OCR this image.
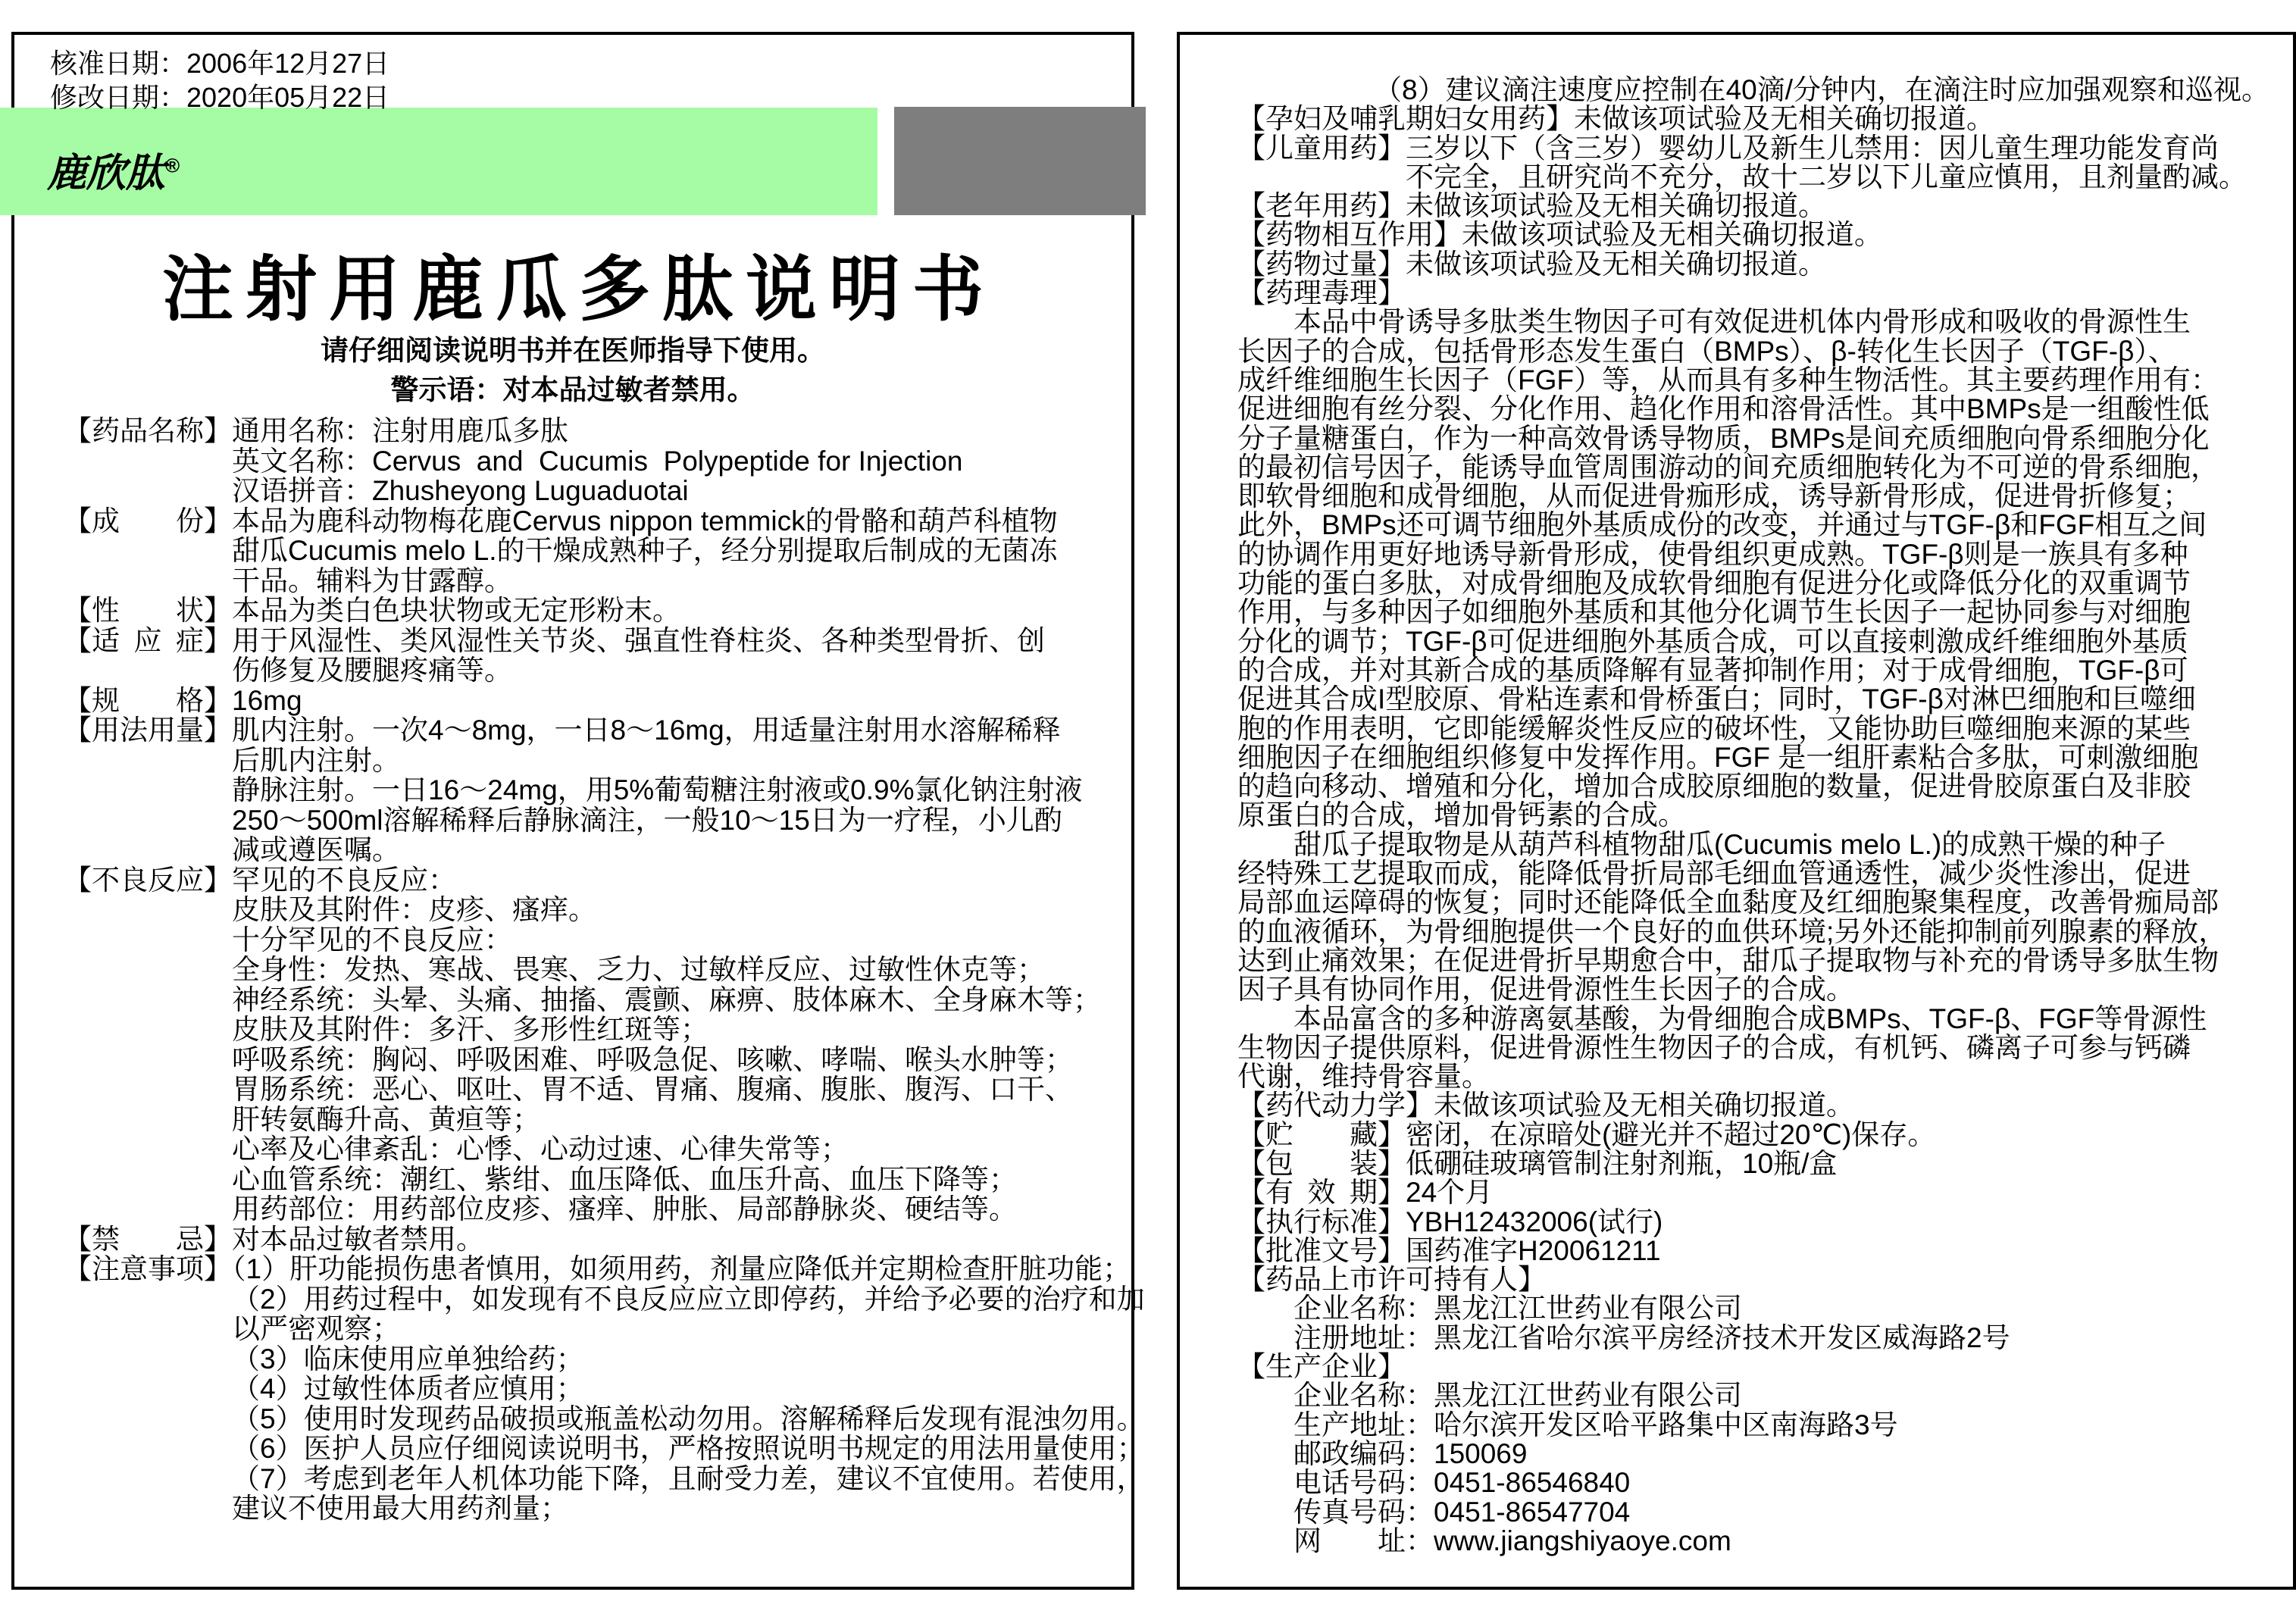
核准日期：2006年12月27日
修改日期：2020年05月22日
鹿欣肽®
注射用鹿瓜多肽说明书
请仔细阅读说明书并在医师指导下使用。
警示语：对本品过敏者禁用。
【药品名称】通用名称：注射用鹿瓜多肽
英文名称：Cervus  and  Cucumis  Polypeptide for Injection
汉语拼音：Zhusheyong Luguaduotai
【成　　份】本品为鹿科动物梅花鹿Cervus nippon temmick的骨骼和葫芦科植物
甜瓜Cucumis melo L.的干燥成熟种子，经分别提取后制成的无菌冻
干品。辅料为甘露醇。
【性　　状】本品为类白色块状物或无定形粉末。
【适 应 症】用于风湿性、类风湿性关节炎、强直性脊柱炎、各种类型骨折、创
伤修复及腰腿疼痛等。
【规　　格】16mg
【用法用量】肌内注射。一次4～8mg，一日8～16mg，用适量注射用水溶解稀释
后肌内注射。
静脉注射。一日16～24mg，用5%葡萄糖注射液或0.9%氯化钠注射液
250～500ml溶解稀释后静脉滴注，一般10～15日为一疗程，小儿酌
减或遵医嘱。
【不良反应】罕见的不良反应：
皮肤及其附件：皮疹、瘙痒。
十分罕见的不良反应：
全身性：发热、寒战、畏寒、乏力、过敏样反应、过敏性休克等；
神经系统：头晕、头痛、抽搐、震颤、麻痹、肢体麻木、全身麻木等；
皮肤及其附件：多汗、多形性红斑等；
呼吸系统：胸闷、呼吸困难、呼吸急促、咳嗽、哮喘、喉头水肿等；
胃肠系统：恶心、呕吐、胃不适、胃痛、腹痛、腹胀、腹泻、口干、
肝转氨酶升高、黄疸等；
心率及心律紊乱：心悸、心动过速、心律失常等；
心血管系统：潮红、紫绀、血压降低、血压升高、血压下降等；
用药部位：用药部位皮疹、瘙痒、肿胀、局部静脉炎、硬结等。
【禁　　忌】对本品过敏者禁用。
【注意事项】（1）肝功能损伤患者慎用，如须用药，剂量应降低并定期检查肝脏功能；
（2）用药过程中，如发现有不良反应应立即停药，并给予必要的治疗和加
以严密观察；
（3）临床使用应单独给药；
（4）过敏性体质者应慎用；
（5）使用时发现药品破损或瓶盖松动勿用。溶解稀释后发现有混浊勿用。
（6）医护人员应仔细阅读说明书，严格按照说明书规定的用法用量使用；
（7）考虑到老年人机体功能下降，且耐受力差，建议不宜使用。若使用，
建议不使用最大用药剂量；
（8）建议滴注速度应控制在40滴/分钟内，在滴注时应加强观察和巡视。
【孕妇及哺乳期妇女用药】未做该项试验及无相关确切报道。
【儿童用药】三岁以下（含三岁）婴幼儿及新生儿禁用：因儿童生理功能发育尚
不完全，且研究尚不充分，故十二岁以下儿童应慎用，且剂量酌减。
【老年用药】未做该项试验及无相关确切报道。
【药物相互作用】未做该项试验及无相关确切报道。
【药物过量】未做该项试验及无相关确切报道。
【药理毒理】
本品中骨诱导多肽类生物因子可有效促进机体内骨形成和吸收的骨源性生
长因子的合成，包括骨形态发生蛋白（BMPs）、β-转化生长因子（TGF-β）、
成纤维细胞生长因子（FGF）等，从而具有多种生物活性。其主要药理作用有：
促进细胞有丝分裂、分化作用、趋化作用和溶骨活性。其中BMPs是一组酸性低
分子量糖蛋白，作为一种高效骨诱导物质，BMPs是间充质细胞向骨系细胞分化
的最初信号因子，能诱导血管周围游动的间充质细胞转化为不可逆的骨系细胞，
即软骨细胞和成骨细胞，从而促进骨痂形成，诱导新骨形成，促进骨折修复；
此外，BMPs还可调节细胞外基质成份的改变，并通过与TGF-β和FGF相互之间
的协调作用更好地诱导新骨形成，使骨组织更成熟。TGF-β则是一族具有多种
功能的蛋白多肽，对成骨细胞及成软骨细胞有促进分化或降低分化的双重调节
作用，与多种因子如细胞外基质和其他分化调节生长因子一起协同参与对细胞
分化的调节；TGF-β可促进细胞外基质合成，可以直接刺激成纤维细胞外基质
的合成，并对其新合成的基质降解有显著抑制作用；对于成骨细胞，TGF-β可
促进其合成I型胶原、骨粘连素和骨桥蛋白；同时，TGF-β对淋巴细胞和巨噬细
胞的作用表明，它即能缓解炎性反应的破坏性，又能协助巨噬细胞来源的某些
细胞因子在细胞组织修复中发挥作用。FGF 是一组肝素粘合多肽，可刺激细胞
的趋向移动、增殖和分化，增加合成胶原细胞的数量，促进骨胶原蛋白及非胶
原蛋白的合成，增加骨钙素的合成。
甜瓜子提取物是从葫芦科植物甜瓜(Cucumis melo L.)的成熟干燥的种子
经特殊工艺提取而成，能降低骨折局部毛细血管通透性，减少炎性渗出，促进
局部血运障碍的恢复；同时还能降低全血黏度及红细胞聚集程度，改善骨痂局部
的血液循环，为骨细胞提供一个良好的血供环境;另外还能抑制前列腺素的释放，
达到止痛效果；在促进骨折早期愈合中，甜瓜子提取物与补充的骨诱导多肽生物
因子具有协同作用，促进骨源性生长因子的合成。
本品富含的多种游离氨基酸，为骨细胞合成BMPs、TGF-β、FGF等骨源性
生物因子提供原料，促进骨源性生物因子的合成，有机钙、磷离子可参与钙磷
代谢，维持骨容量。
【药代动力学】未做该项试验及无相关确切报道。
【贮　　藏】密闭，在凉暗处(避光并不超过20℃)保存。
【包　　装】低硼硅玻璃管制注射剂瓶，10瓶/盒
【有 效 期】24个月
【执行标准】YBH12432006(试行)
【批准文号】国药准字H20061211
【药品上市许可持有人】
企业名称：黑龙江江世药业有限公司
注册地址：黑龙江省哈尔滨平房经济技术开发区威海路2号
【生产企业】
企业名称：黑龙江江世药业有限公司
生产地址：哈尔滨开发区哈平路集中区南海路3号
邮政编码：150069
电话号码：0451-86546840
传真号码：0451-86547704
网　　址：www.jiangshiyaoye.com
